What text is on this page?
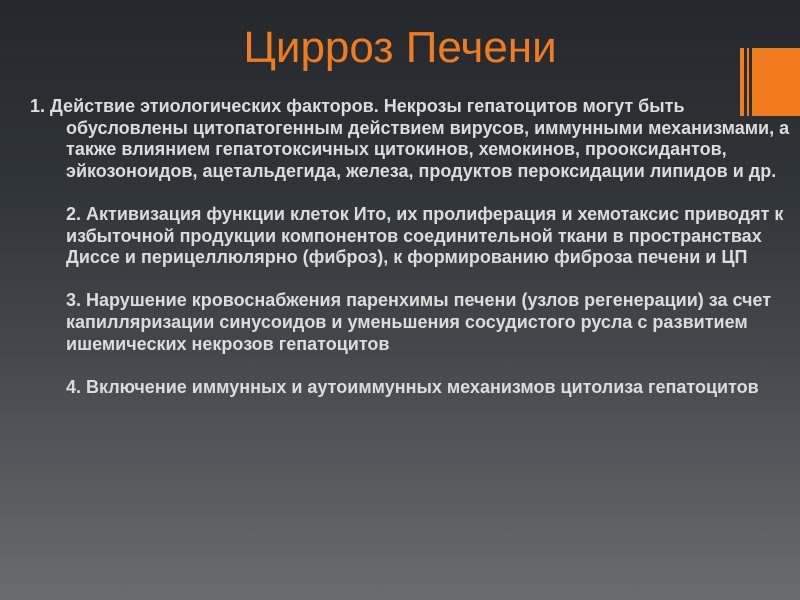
Цирроз Печени

1. Действие этиологических факторов. Некрозы гепатоцитов могут быть обусловлены цитопатогенным действием вирусов, иммунными механизмами, а также влиянием гепатотоксичных цитокинов, хемокинов, прооксидантов, эйкозоноидов, ацетальдегида, железа, продуктов пероксидации липидов и др.

2. Активизация функции клеток Ито, их пролиферация и хемотаксис приводят к избыточной продукции компонентов соединительной ткани в пространствах Диссе и перицеллюлярно (фиброз), к формированию фиброза печени и ЦП

3. Нарушение кровоснабжения паренхимы печени (узлов регенерации) за счет капилляризации синусоидов и уменьшения сосудистого русла с развитием ишемических некрозов гепатоцитов

4. Включение иммунных и аутоиммунных механизмов цитолиза гепатоцитов
